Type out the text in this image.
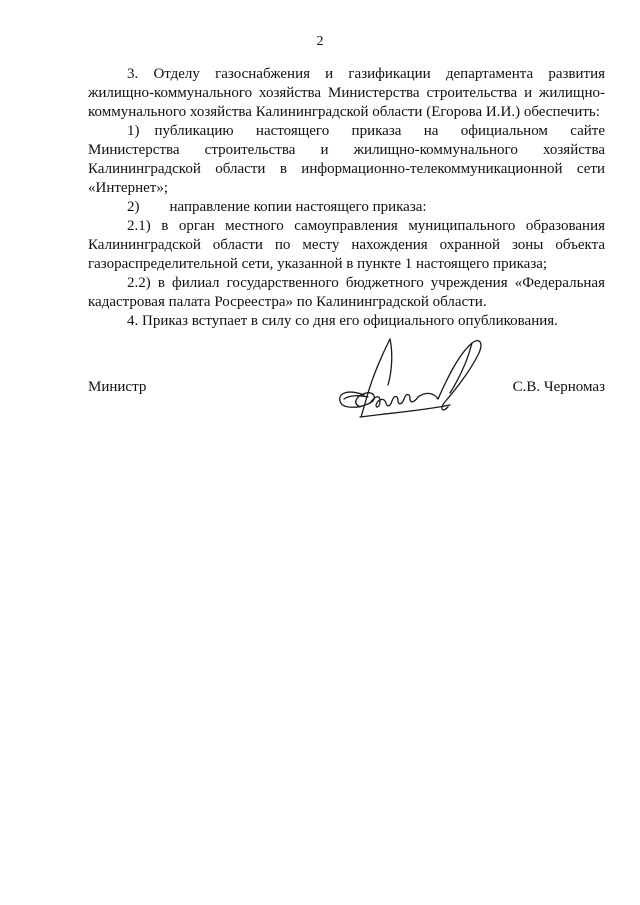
2

3. Отделу газоснабжения и газификации департамента развития жилищно-коммунального хозяйства Министерства строительства и жилищно-коммунального хозяйства Калининградской области (Егорова И.И.) обеспечить:

1) публикацию настоящего приказа на официальном сайте Министерства строительства и жилищно-коммунального хозяйства Калининградской области в информационно-телекоммуникационной сети «Интернет»;

2)  направление копии настоящего приказа:

2.1) в орган местного самоуправления муниципального образования Калининградской области по месту нахождения охранной зоны объекта газораспределительной сети, указанной в пункте 1 настоящего приказа;

2.2) в филиал государственного бюджетного учреждения «Федеральная кадастровая палата Росреестра» по Калининградской области.

4. Приказ вступает в силу со дня его официального опубликования.

Министр	С.В. Черномаз
